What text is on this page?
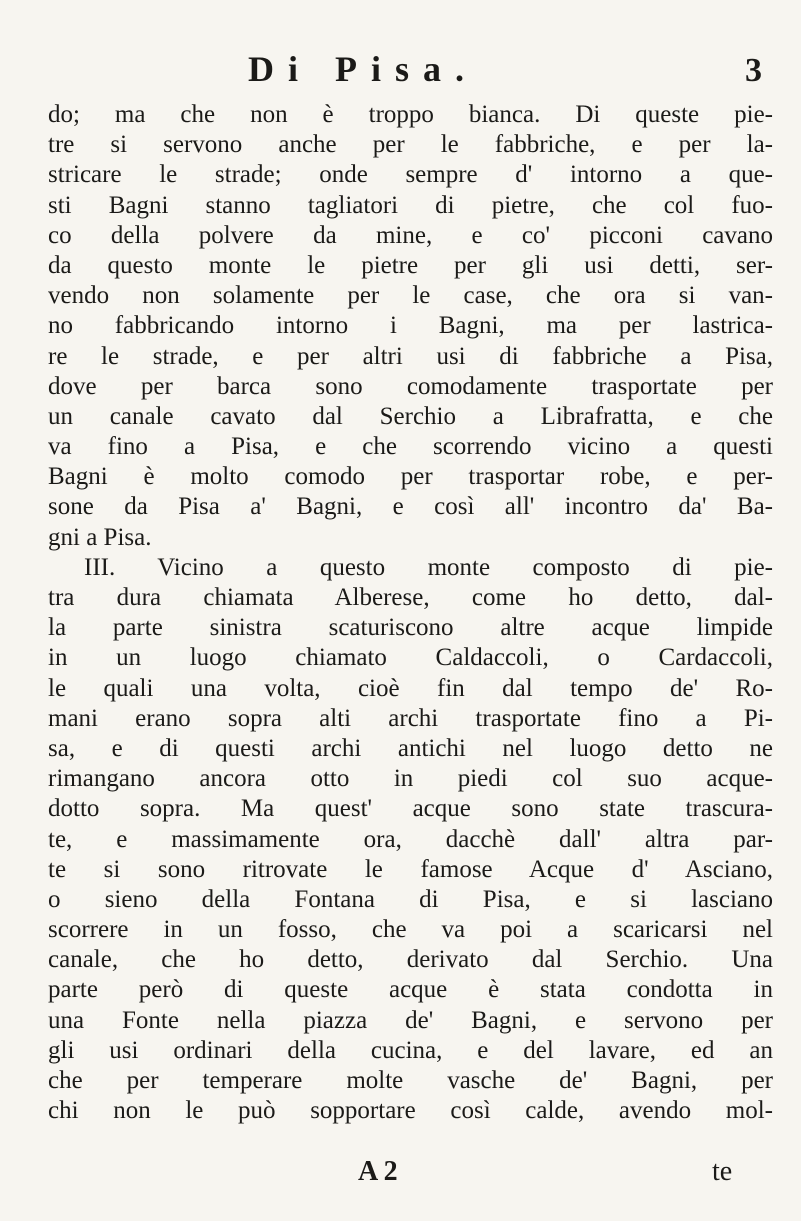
Di Pisa.	3
do; ma che non è troppo bianca. Di queste pie-
tre si servono anche per le fabbriche, e per la-
stricare le strade; onde sempre d' intorno a que-
sti Bagni stanno tagliatori di pietre, che col fuo-
co della polvere da mine, e co' picconi cavano
da questo monte le pietre per gli usi detti, ser-
vendo non solamente per le case, che ora si van-
no fabbricando intorno i Bagni, ma per lastrica-
re le strade, e per altri usi di fabbriche a Pisa,
dove per barca sono comodamente trasportate per
un canale cavato dal Serchio a Librafratta, e che
va fino a Pisa, e che scorrendo vicino a questi
Bagni è molto comodo per trasportar robe, e per-
sone da Pisa a' Bagni, e così all' incontro da' Ba-
gni a Pisa.
III. Vicino a questo monte composto di pie-
tra dura chiamata Alberese, come ho detto, dal-
la parte sinistra scaturiscono altre acque limpide
in un luogo chiamato Caldaccoli, o Cardaccoli,
le quali una volta, cioè fin dal tempo de' Ro-
mani erano sopra alti archi trasportate fino a Pi-
sa, e di questi archi antichi nel luogo detto ne
rimangano ancora otto in piedi col suo acque-
dotto sopra. Ma quest' acque sono state trascura-
te, e massimamente ora, dacchè dall' altra par-
te si sono ritrovate le famose Acque d' Asciano,
o sieno della Fontana di Pisa, e si lasciano
scorrere in un fosso, che va poi a scaricarsi nel
canale, che ho detto, derivato dal Serchio. Una
parte però di queste acque è stata condotta in
una Fonte nella piazza de' Bagni, e servono per
gli usi ordinari della cucina, e del lavare, ed an
che per temperare molte vasche de' Bagni, per
chi non le può sopportare così calde, avendo mol-
A 2	te
